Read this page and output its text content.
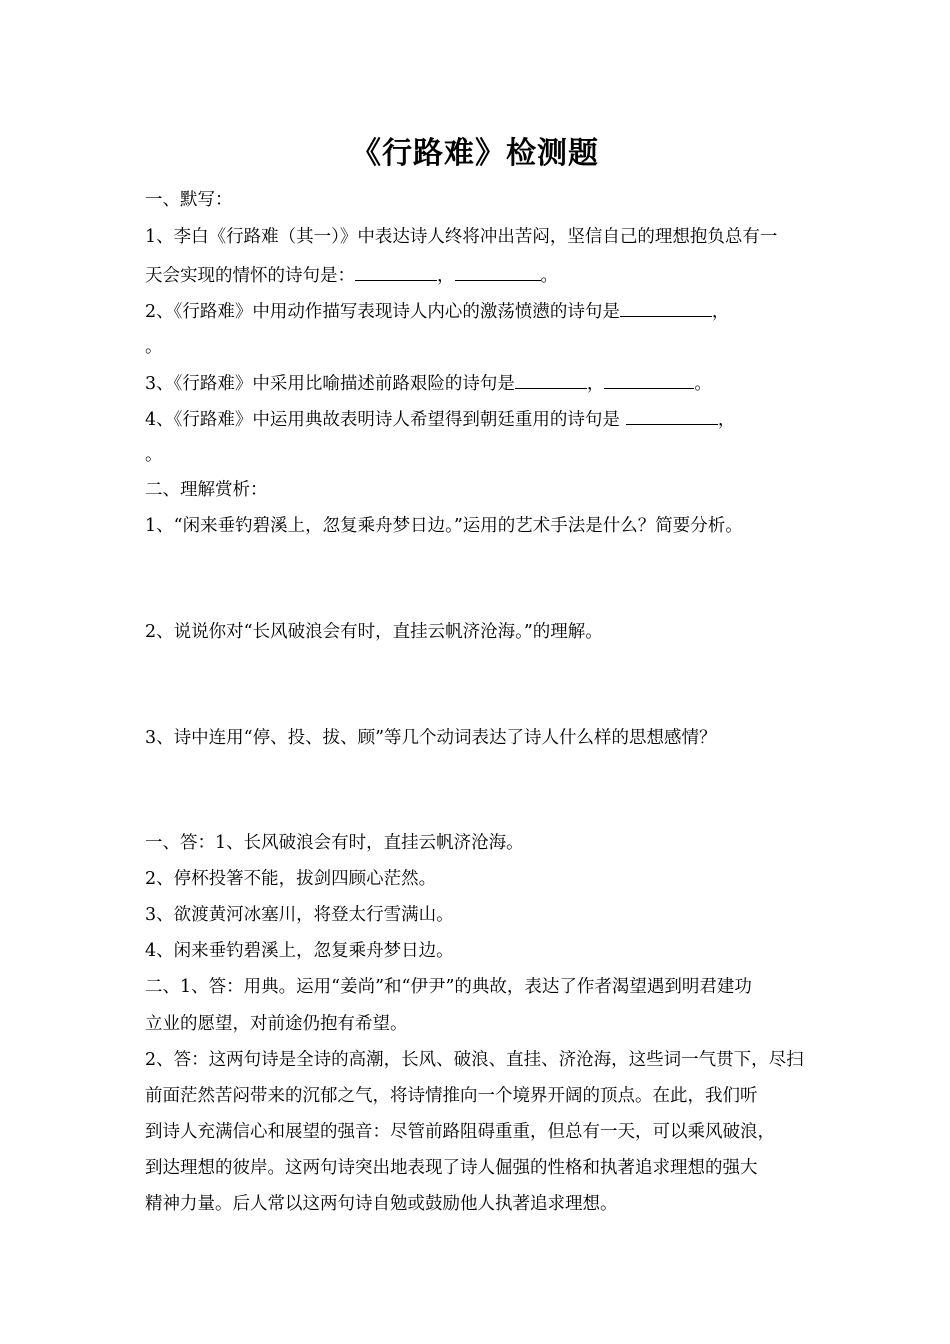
《行路难》检测题
一、默写：
1、李白《行路难（其一）》中表达诗人终将冲出苦闷，坚信自己的理想抱负总有一
天会实现的情怀的诗句是：	，	。
2、《行路难》中用动作描写表现诗人内心的激荡愤懑的诗句是	，
。
3、《行路难》中采用比喻描述前路艰险的诗句是	，	。
4、《行路难》中运用典故表明诗人希望得到朝廷重用的诗句是	，
。
二、理解赏析：
1、“闲来垂钓碧溪上，忽复乘舟梦日边。”运用的艺术手法是什么？简要分析。
2、说说你对“长风破浪会有时，直挂云帆济沧海。”的理解。
3、诗中连用“停、投、拔、顾”等几个动词表达了诗人什么样的思想感情？
一、答：1、长风破浪会有时，直挂云帆济沧海。
2、停杯投箸不能，拔剑四顾心茫然。
3、欲渡黄河冰塞川，将登太行雪满山。
4、闲来垂钓碧溪上，忽复乘舟梦日边。
二、1、答：用典。运用“姜尚”和“伊尹”的典故，表达了作者渴望遇到明君建功
立业的愿望，对前途仍抱有希望。
2、答：这两句诗是全诗的高潮，长风、破浪、直挂、济沧海，这些词一气贯下，尽扫
前面茫然苦闷带来的沉郁之气，将诗情推向一个境界开阔的顶点。在此，我们听
到诗人充满信心和展望的强音：尽管前路阻碍重重，但总有一天，可以乘风破浪，
到达理想的彼岸。这两句诗突出地表现了诗人倔强的性格和执著追求理想的强大
精神力量。后人常以这两句诗自勉或鼓励他人执著追求理想。
